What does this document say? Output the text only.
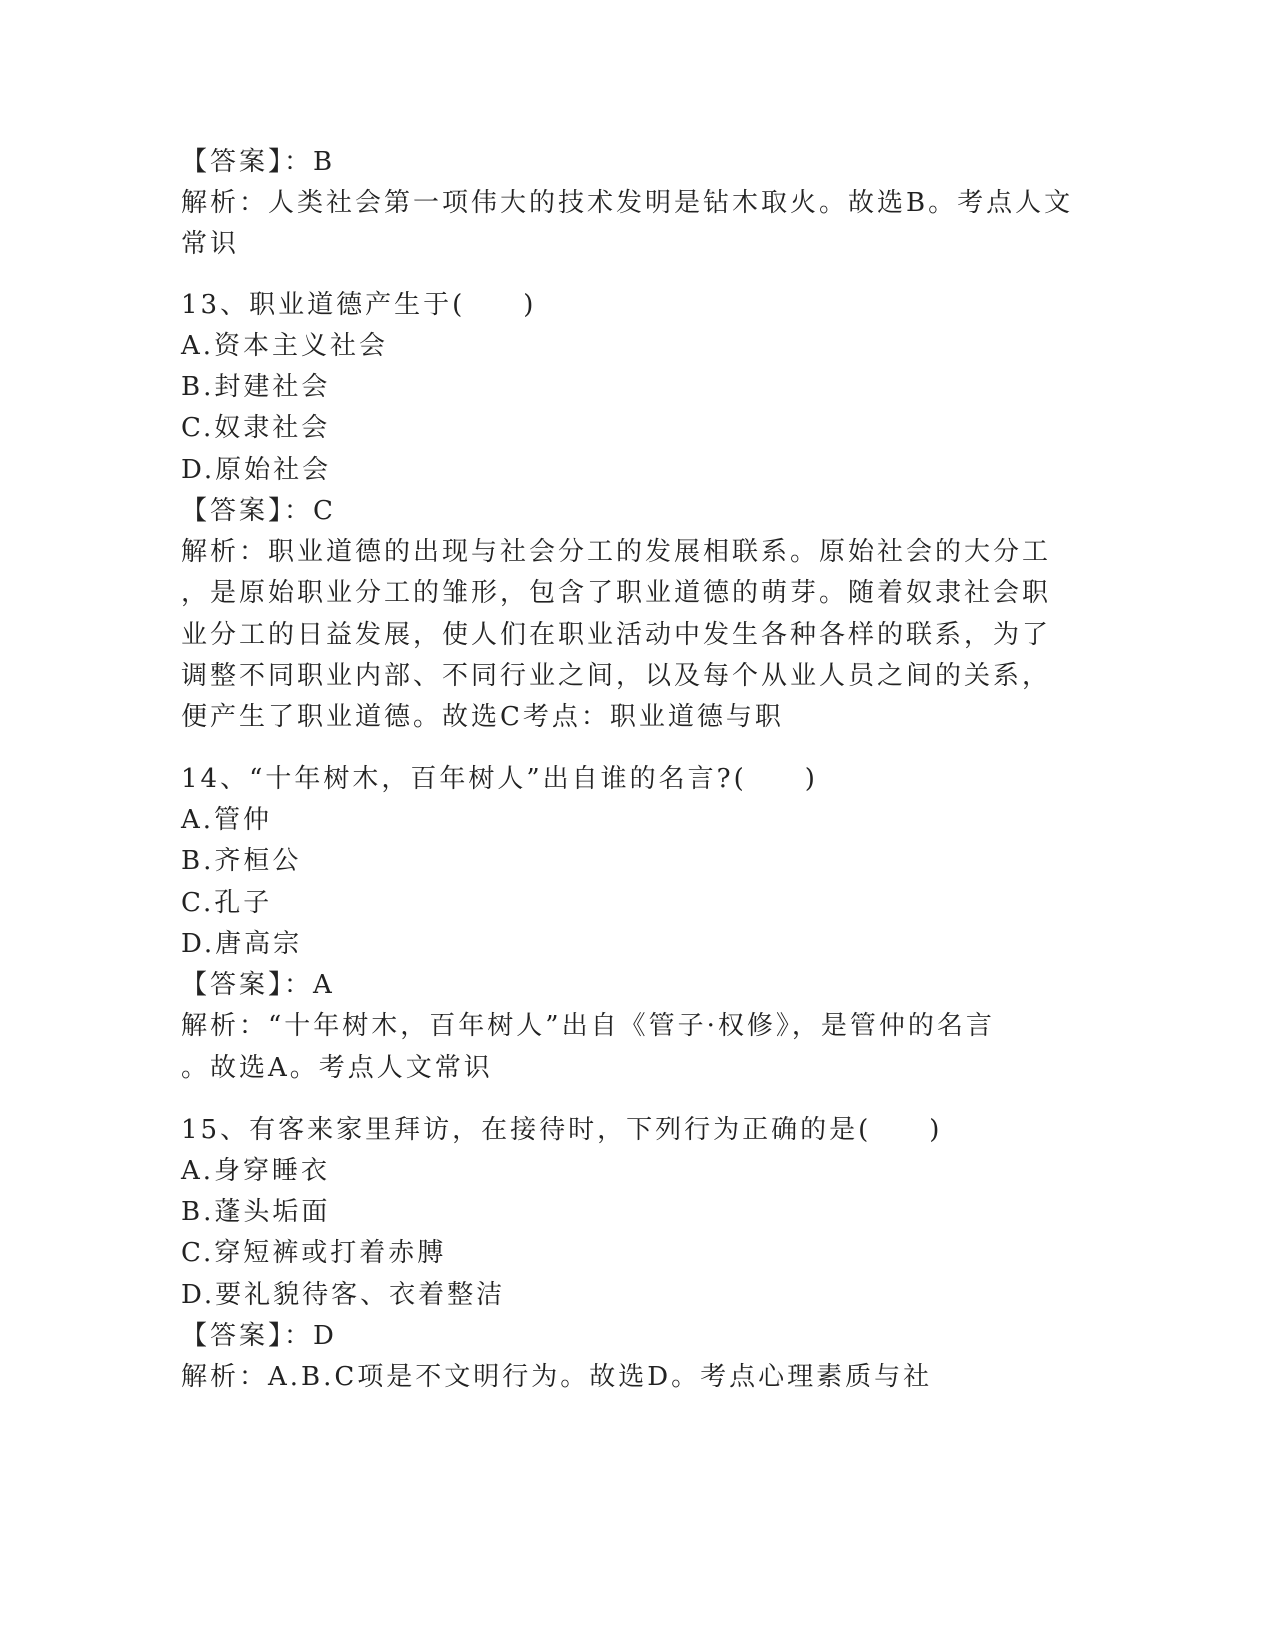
【答案】：B
解析：人类社会第一项伟大的技术发明是钻木取火。故选B。考点人文
常识
13、职业道德产生于(　　)
A.资本主义社会
B.封建社会
C.奴隶社会
D.原始社会
【答案】：C
解析：职业道德的出现与社会分工的发展相联系。原始社会的大分工
，是原始职业分工的雏形，包含了职业道德的萌芽。随着奴隶社会职
业分工的日益发展，使人们在职业活动中发生各种各样的联系，为了
调整不同职业内部、不同行业之间，以及每个从业人员之间的关系，
便产生了职业道德。故选C考点：职业道德与职
14、“十年树木，百年树人”出自谁的名言?(　　)
A.管仲
B.齐桓公
C.孔子
D.唐高宗
【答案】：A
解析：“十年树木，百年树人”出自《管子·权修》，是管仲的名言
。故选A。考点人文常识
15、有客来家里拜访，在接待时，下列行为正确的是(　　)
A.身穿睡衣
B.蓬头垢面
C.穿短裤或打着赤膊
D.要礼貌待客、衣着整洁
【答案】：D
解析：A.B.C项是不文明行为。故选D。考点心理素质与社
